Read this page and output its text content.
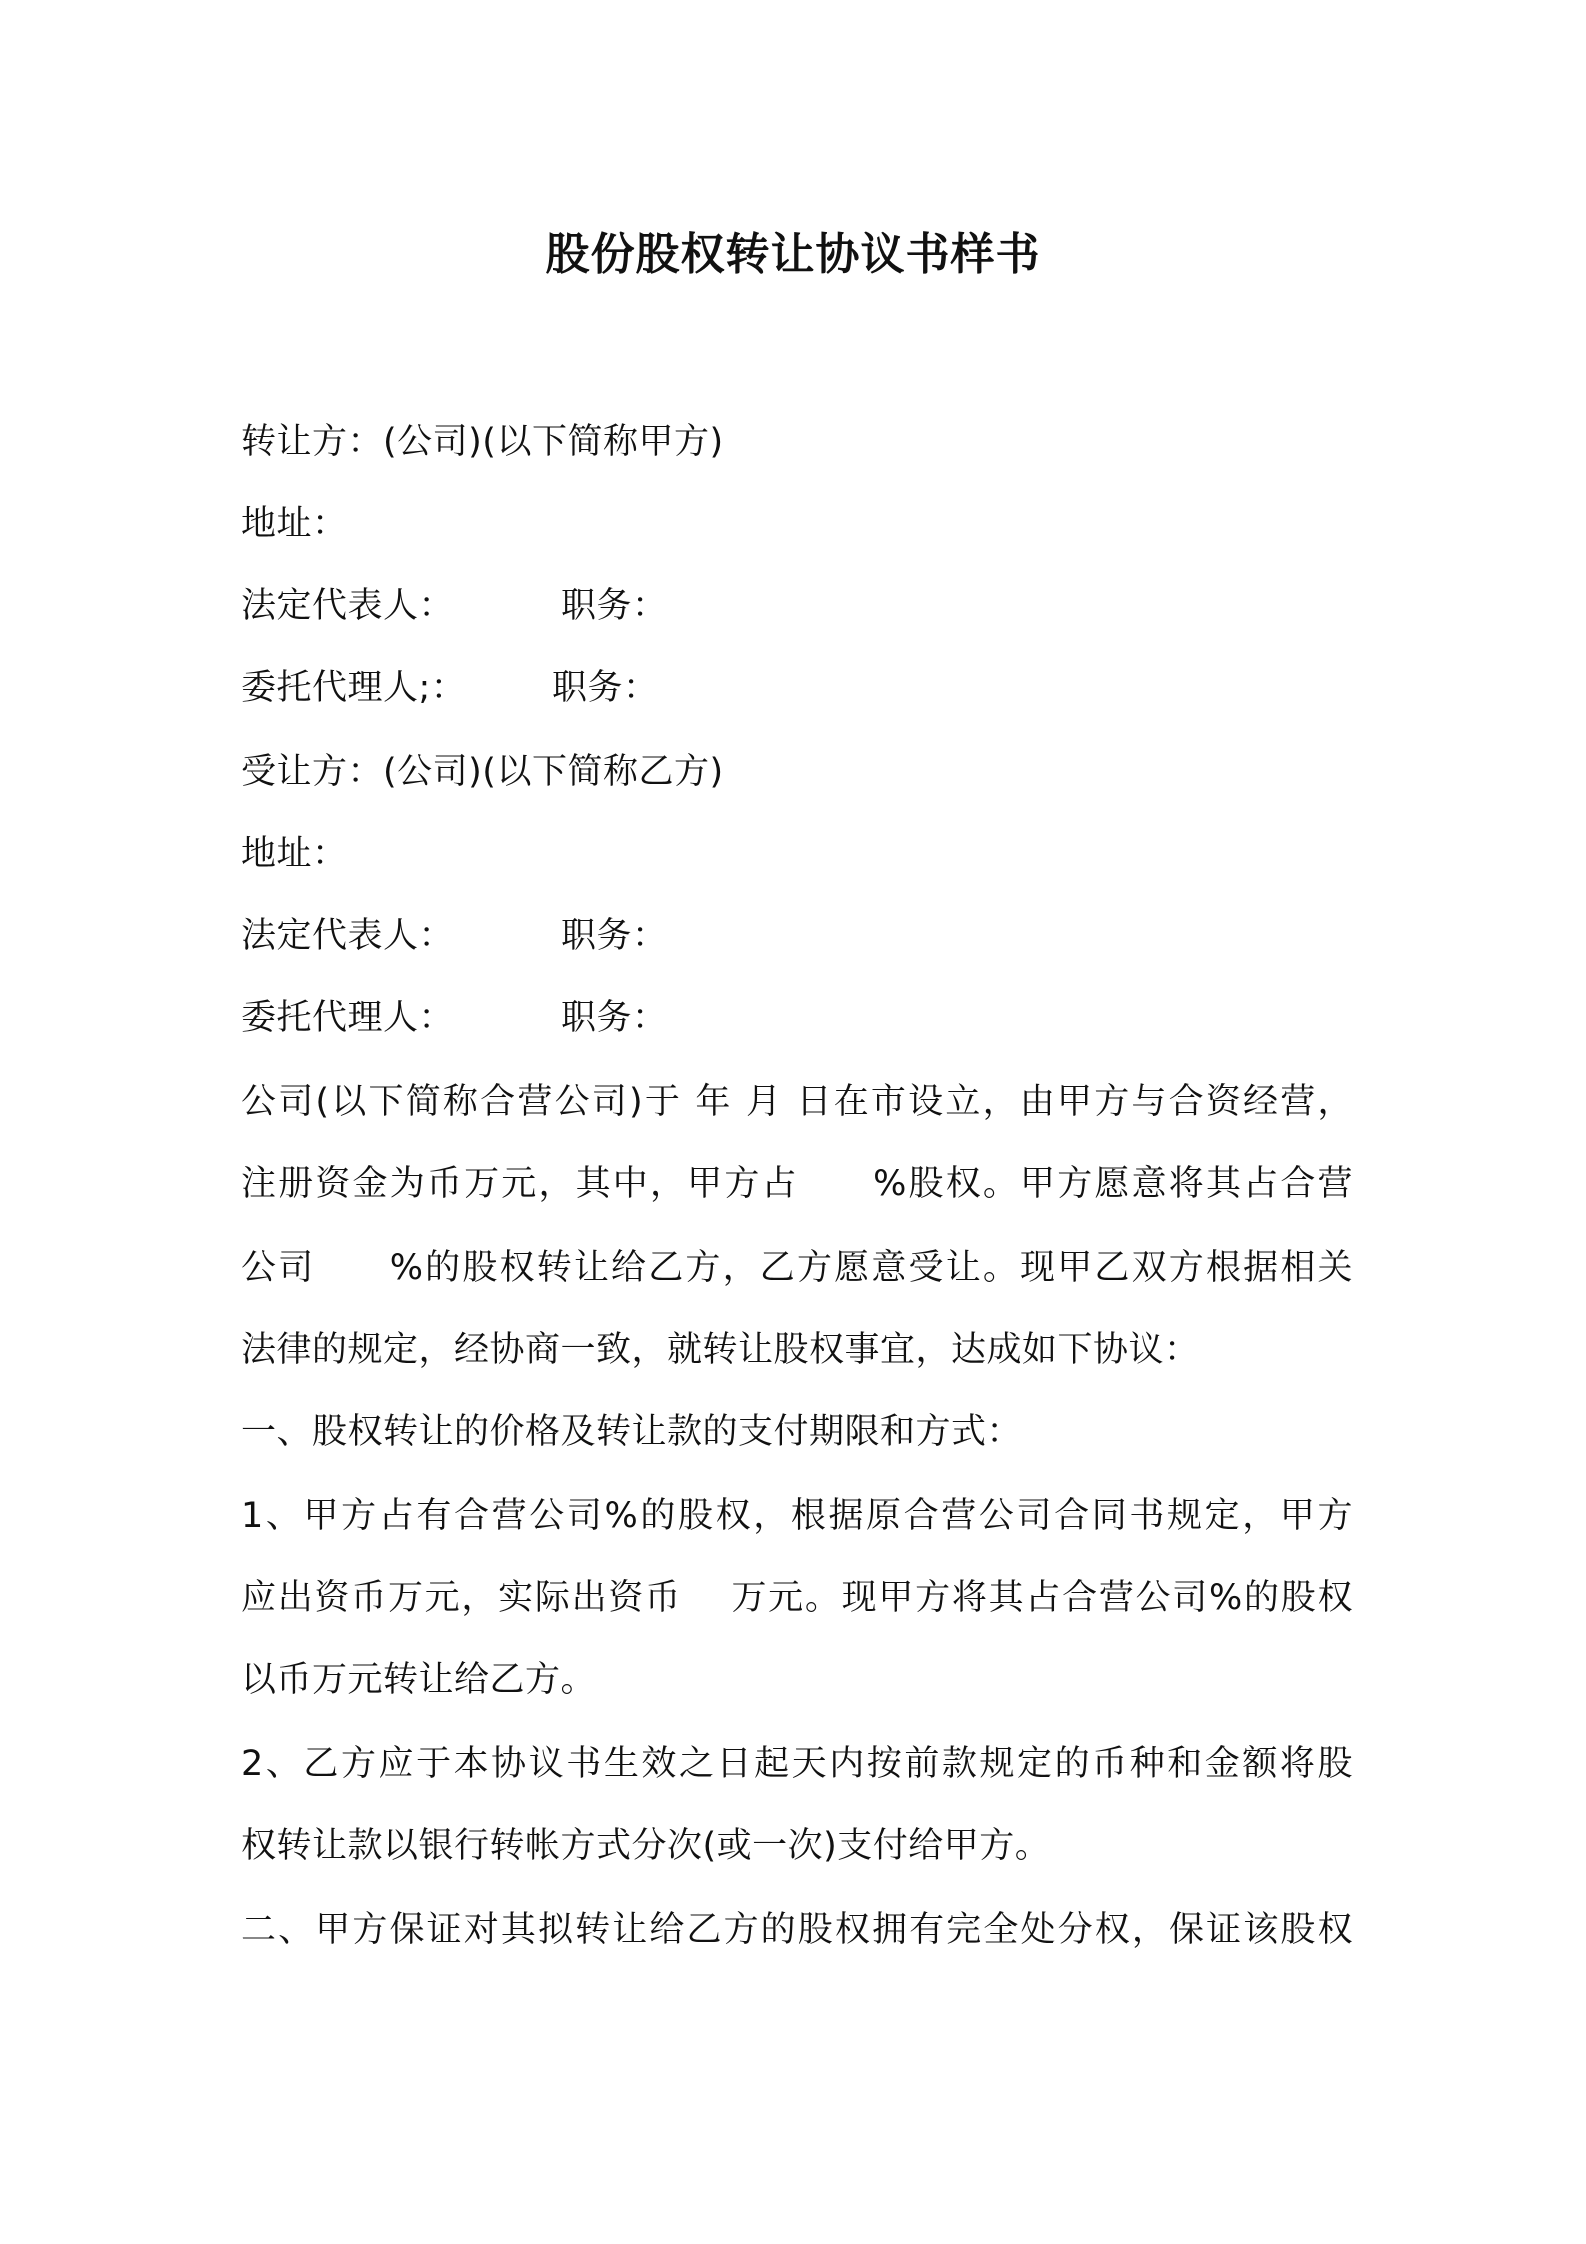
股份股权转让协议书样书
转让方：(公司)(以下简称甲方)
地址：
法定代表人：	职务：
委托代理人;： 职务：
受让方：(公司)(以下简称乙方)
地址：
法定代表人：	职务：
委托代理人：	职务：
公司(以下简称合营公司)于 年 月 日在市设立，由甲方与合资经营，
注册资金为币万元，其中，甲方占　　%股权。甲方愿意将其占合营
公司　　%的股权转让给乙方，乙方愿意受让。现甲乙双方根据相关
法律的规定，经协商一致，就转让股权事宜，达成如下协议：
一、股权转让的价格及转让款的支付期限和方式：
1、甲方占有合营公司%的股权，根据原合营公司合同书规定，甲方
应出资币万元，实际出资币　 万元。现甲方将其占合营公司%的股权
以币万元转让给乙方。
2、乙方应于本协议书生效之日起天内按前款规定的币种和金额将股
权转让款以银行转帐方式分次(或一次)支付给甲方。
二、甲方保证对其拟转让给乙方的股权拥有完全处分权，保证该股权
